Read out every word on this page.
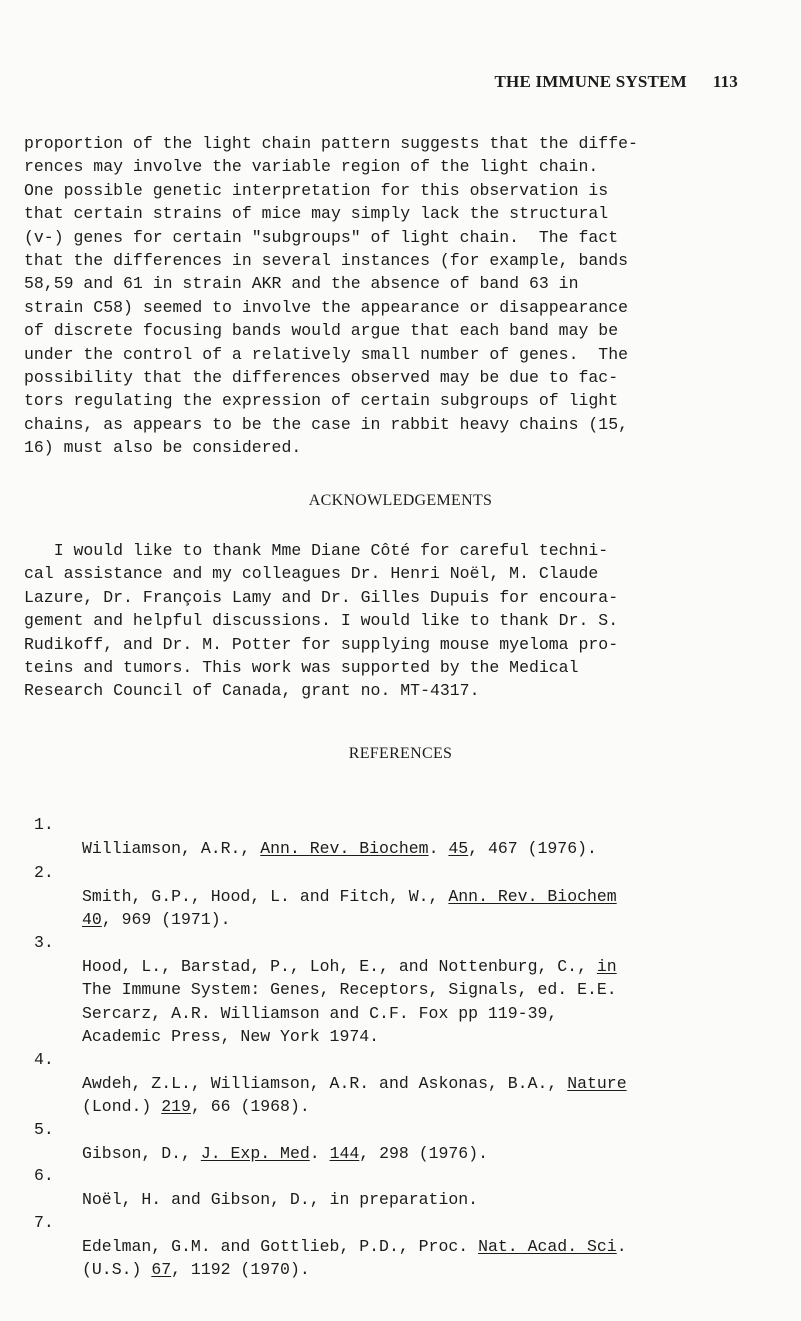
THE IMMUNE SYSTEM 113
proportion of the light chain pattern suggests that the diffe-
rences may involve the variable region of the light chain.
One possible genetic interpretation for this observation is
that certain strains of mice may simply lack the structural
(v-) genes for certain "subgroups" of light chain.  The fact
that the differences in several instances (for example, bands
58,59 and 61 in strain AKR and the absence of band 63 in
strain C58) seemed to involve the appearance or disappearance
of discrete focusing bands would argue that each band may be
under the control of a relatively small number of genes.  The
possibility that the differences observed may be due to fac-
tors regulating the expression of certain subgroups of light
chains, as appears to be the case in rabbit heavy chains (15,
16) must also be considered.
ACKNOWLEDGEMENTS
I would like to thank Mme Diane Côté for careful techni-
cal assistance and my colleagues Dr. Henri Noël, M. Claude
Lazure, Dr. François Lamy and Dr. Gilles Dupuis for encoura-
gement and helpful discussions. I would like to thank Dr. S.
Rudikoff, and Dr. M. Potter for supplying mouse myeloma pro-
teins and tumors. This work was supported by the Medical
Research Council of Canada, grant no. MT-4317.
REFERENCES

1.

Williamson, A.R., Ann. Rev. Biochem. 45, 467 (1976).

2.

Smith, G.P., Hood, L. and Fitch, W., Ann. Rev. Biochem
40, 969 (1971).

3.

Hood, L., Barstad, P., Loh, E., and Nottenburg, C., in
The Immune System: Genes, Receptors, Signals, ed. E.E.
Sercarz, A.R. Williamson and C.F. Fox pp 119-39,
Academic Press, New York 1974.

4.

Awdeh, Z.L., Williamson, A.R. and Askonas, B.A., Nature
(Lond.) 219, 66 (1968).

5.

Gibson, D., J. Exp. Med. 144, 298 (1976).

6.

Noël, H. and Gibson, D., in preparation.

7.

Edelman, G.M. and Gottlieb, P.D., Proc. Nat. Acad. Sci.
(U.S.) 67, 1192 (1970).
